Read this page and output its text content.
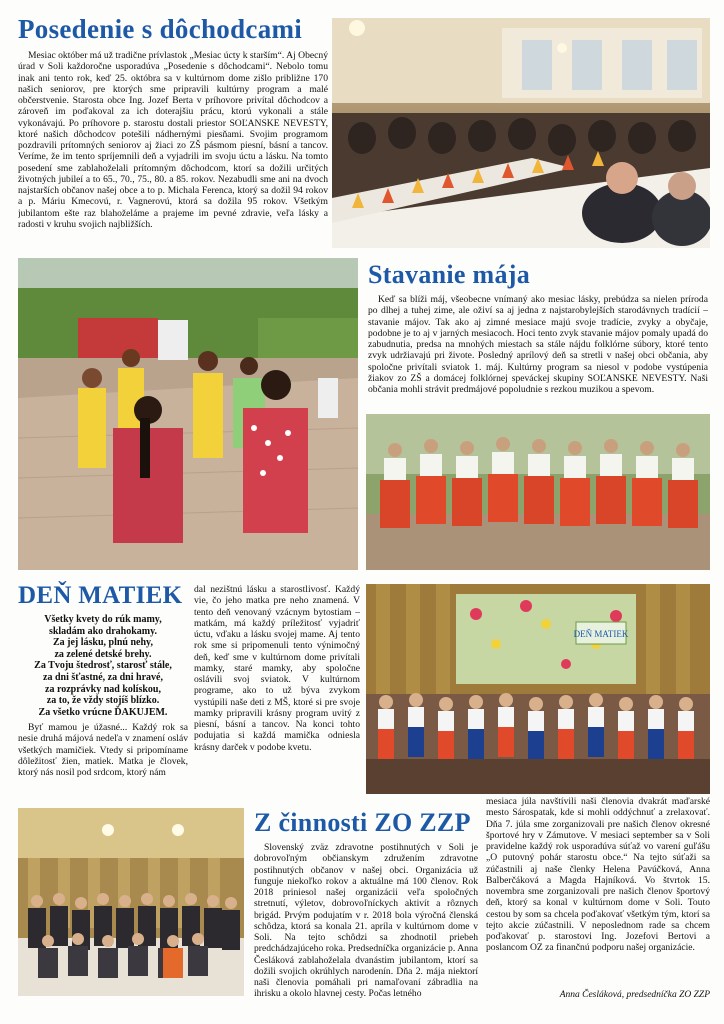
Posedenie s dôchodcami

Mesiac október má už tradične prívlastok „Mesiac úcty k starším“. Aj Obecný úrad v Soli každoročne usporadúva „Posedenie s dôchodcami“. Nebolo tomu inak ani tento rok, keď 25. októbra sa v kultúrnom dome zišlo približne 170 našich seniorov, pre ktorých sme pripravili kultúrny program a malé občerstvenie. Starosta obce Ing. Jozef Berta v príhovore privítal dôchodcov a zároveň im poďakoval za ich doterajšiu prácu, ktorú vykonali a stále vykonávajú. Po príhovore p. starostu dostali priestor SOĽANSKE NEVESTY, ktoré našich dôchodcov potešili nádhernými piesňami. Svojim programom pozdravili prítomných seniorov aj žiaci zo ZŠ pásmom piesní, básní a tancov. Veríme, že im tento spríjemnili deň a vyjadrili im svoju úctu a lásku. Na tomto posedení sme zablahoželali prítomným dôchodcom, ktorí sa dožili určitých životných jubileí a to 65., 70., 75., 80. a 85. rokov. Nezabudli sme ani na dvoch najstarších občanov našej obce a to p. Michala Ferenca, ktorý sa dožil 94 rokov a p. Máriu Kmecovú, r. Vagnerovú, ktorá sa dožila 95 rokov. Všetkým jubilantom ešte raz blahoželáme a prajeme im pevné zdravie, veľa lásky a radosti v kruhu svojich najbližších.

Stavanie mája

Keď sa blíži máj, všeobecne vnímaný ako mesiac lásky, prebúdza sa nielen príroda po dlhej a tuhej zime, ale oživí sa aj jedna z najstarobylejších starodávnych tradícií – stavanie májov. Tak ako aj zimné mesiace majú svoje tradície, zvyky a obyčaje, podobne je to aj v jarných mesiacoch. Hoci tento zvyk stavanie májov pomaly upadá do zabudnutia, predsa na mnohých miestach sa stále nájdu folklórne súbory, ktoré tento zvyk udržiavajú pri živote. Posledný aprílový deň sa stretli v našej obci občania, aby spoločne privítali sviatok 1. máj. Kultúrny program sa niesol v podobe vystúpenia žiakov zo ZŠ a domácej folklórnej speváckej skupiny SOĽANSKE NEVESTY. Naši občania mohli strávit predmájové popoludnie s rezkou muzikou a spevom.

DEŇ MATIEK
Všetky kvety do rúk mamy,
skladám ako drahokamy.
Za jej lásku, plnú nehy,
za zelené detské brehy.
Za Tvoju štedrosť, starosť stále,
za dni šťastné, za dni hravé,
za rozprávky nad kolískou,
za to, že vždy stojíš blízko.
Za všetko vrúcne ĎAKUJEM.

Byť mamou je úžasné... Každý rok sa nesie druhá májová nedeľa v znamení osláv všetkých mamičiek. Vtedy si pripomíname dôležitosť žien, matiek. Matka je človek, ktorý nás nosil pod srdcom, ktorý nám

dal nezištnú lásku a starostlivosť. Každý vie, čo jeho matka pre neho znamená. V tento deň venovaný vzácnym bytostiam – matkám, má každý príležitosť vyjadriť úctu, vďaku a lásku svojej mame. Aj tento rok sme si pripomenuli tento výnimočný deň, keď sme v kultúrnom dome privítali mamky, staré mamky, aby spoločne oslávili svoj sviatok. V kultúrnom programe, ako to už býva zvykom vystúpili naše deti z MŠ, ktoré si pre svoje mamky pripravili krásny program uvitý z piesní, básní a tancov. Na konci tohto podujatia si každá mamička odniesla krásny darček v podobe kvetu.

DEŇ MATIEK
Z činnosti ZO ZZP

Slovenský zväz zdravotne postihnutých v Soli je dobrovoľným občianskym združením zdravotne postihnutých občanov v našej obci. Organizácia už funguje niekoľko rokov a aktuálne má 100 členov. Rok 2018 priniesol našej organizácii veľa spoločných stretnutí, výletov, dobrovoľníckych aktivít a rôznych brigád. Prvým podujatím v r. 2018 bola výročná členská schôdza, ktorá sa konala 21. apríla v kultúrnom dome v Soli. Na tejto schôdzi sa zhodnotil priebeh predchádzajúceho roka. Predsedníčka organizácie p. Anna Česláková zablahoželala dvanástim jubilantom, ktorí sa dožili svojich okrúhlych narodenín. Dňa 2. mája niektorí naši členovia pomáhali pri namaľovaní zábradlia na ihrisku a okolo hlavnej cesty. Počas letného

mesiaca júla navštívili naši členovia dvakrát maďarské mesto Sárospatak, kde si mohli oddýchnuť a zrelaxovať. Dňa 7. júla sme zorganizovali pre našich členov okresné športové hry v Zámutove. V mesiaci september sa v Soli pravidelne každý rok usporadúva súťaž vo varení guľášu „O putovný pohár starostu obce.“ Na tejto súťaži sa zúčastnili aj naše členky Helena Pavúčková, Anna Balberčáková a Magda Hajníková. Vo štvrtok 15. novembra sme zorganizovali pre našich členov športový deň, ktorý sa konal v kultúrnom dome v Soli. Touto cestou by som sa chcela poďakovať všetkým tým, ktorí sa tejto akcie zúčastnili. V neposlednom rade sa chcem poďakovať p. starostovi Ing. Jozefovi Bertovi a poslancom OZ za finančnú podporu našej organizácie.

Anna Česláková, predsedníčka ZO ZZP
